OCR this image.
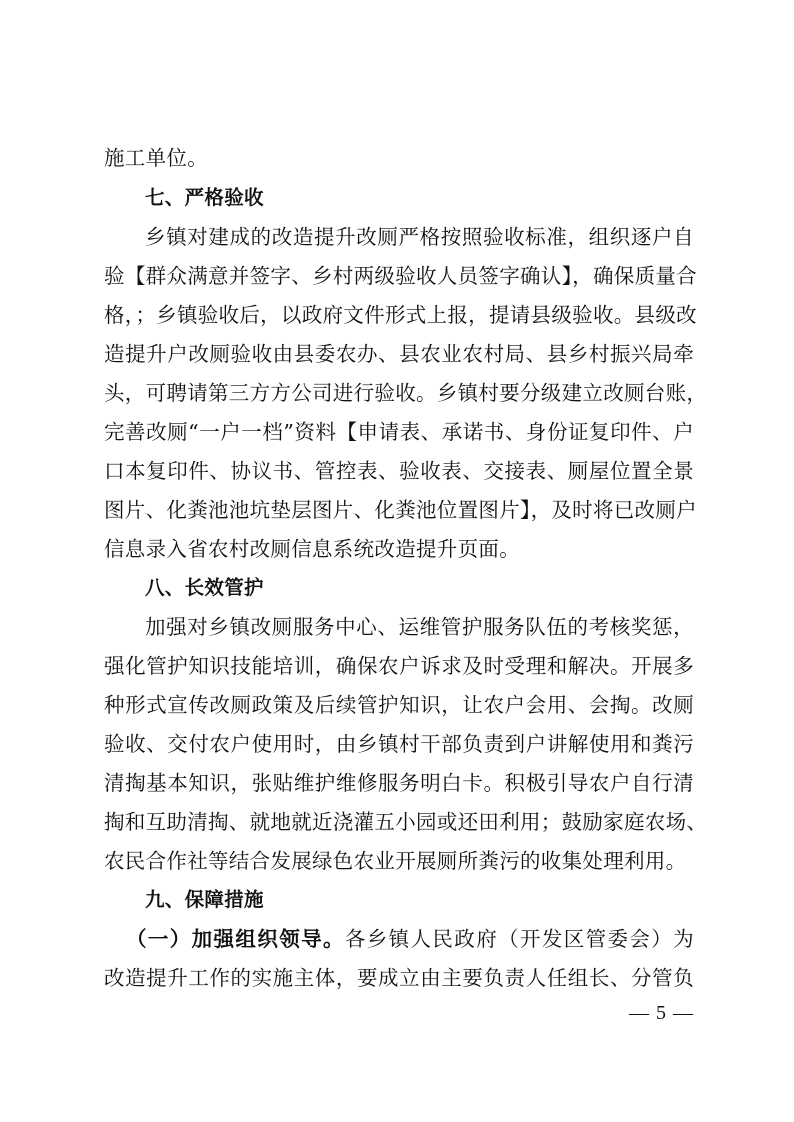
施工单位。
七、严格验收
乡镇对建成的改造提升改厕严格按照验收标准，组织逐户自
验【群众满意并签字、乡村两级验收人员签字确认】，确保质量合
格，；乡镇验收后，以政府文件形式上报，提请县级验收。县级改
造提升户改厕验收由县委农办、县农业农村局、县乡村振兴局牵
头，可聘请第三方方公司进行验收。乡镇村要分级建立改厕台账，
完善改厕“一户一档”资料【申请表、承诺书、身份证复印件、户
口本复印件、协议书、管控表、验收表、交接表、厕屋位置全景
图片、化粪池池坑垫层图片、化粪池位置图片】，及时将已改厕户
信息录入省农村改厕信息系统改造提升页面。
八、长效管护
加强对乡镇改厕服务中心、运维管护服务队伍的考核奖惩，
强化管护知识技能培训，确保农户诉求及时受理和解决。开展多
种形式宣传改厕政策及后续管护知识，让农户会用、会掏。改厕
验收、交付农户使用时，由乡镇村干部负责到户讲解使用和粪污
清掏基本知识，张贴维护维修服务明白卡。积极引导农户自行清
掏和互助清掏、就地就近浇灌五小园或还田利用；鼓励家庭农场、
农民合作社等结合发展绿色农业开展厕所粪污的收集处理利用。
九、保障措施
（一）加强组织领导。各乡镇人民政府（开发区管委会）为
改造提升工作的实施主体，要成立由主要负责人任组长、分管负
— 5 —
